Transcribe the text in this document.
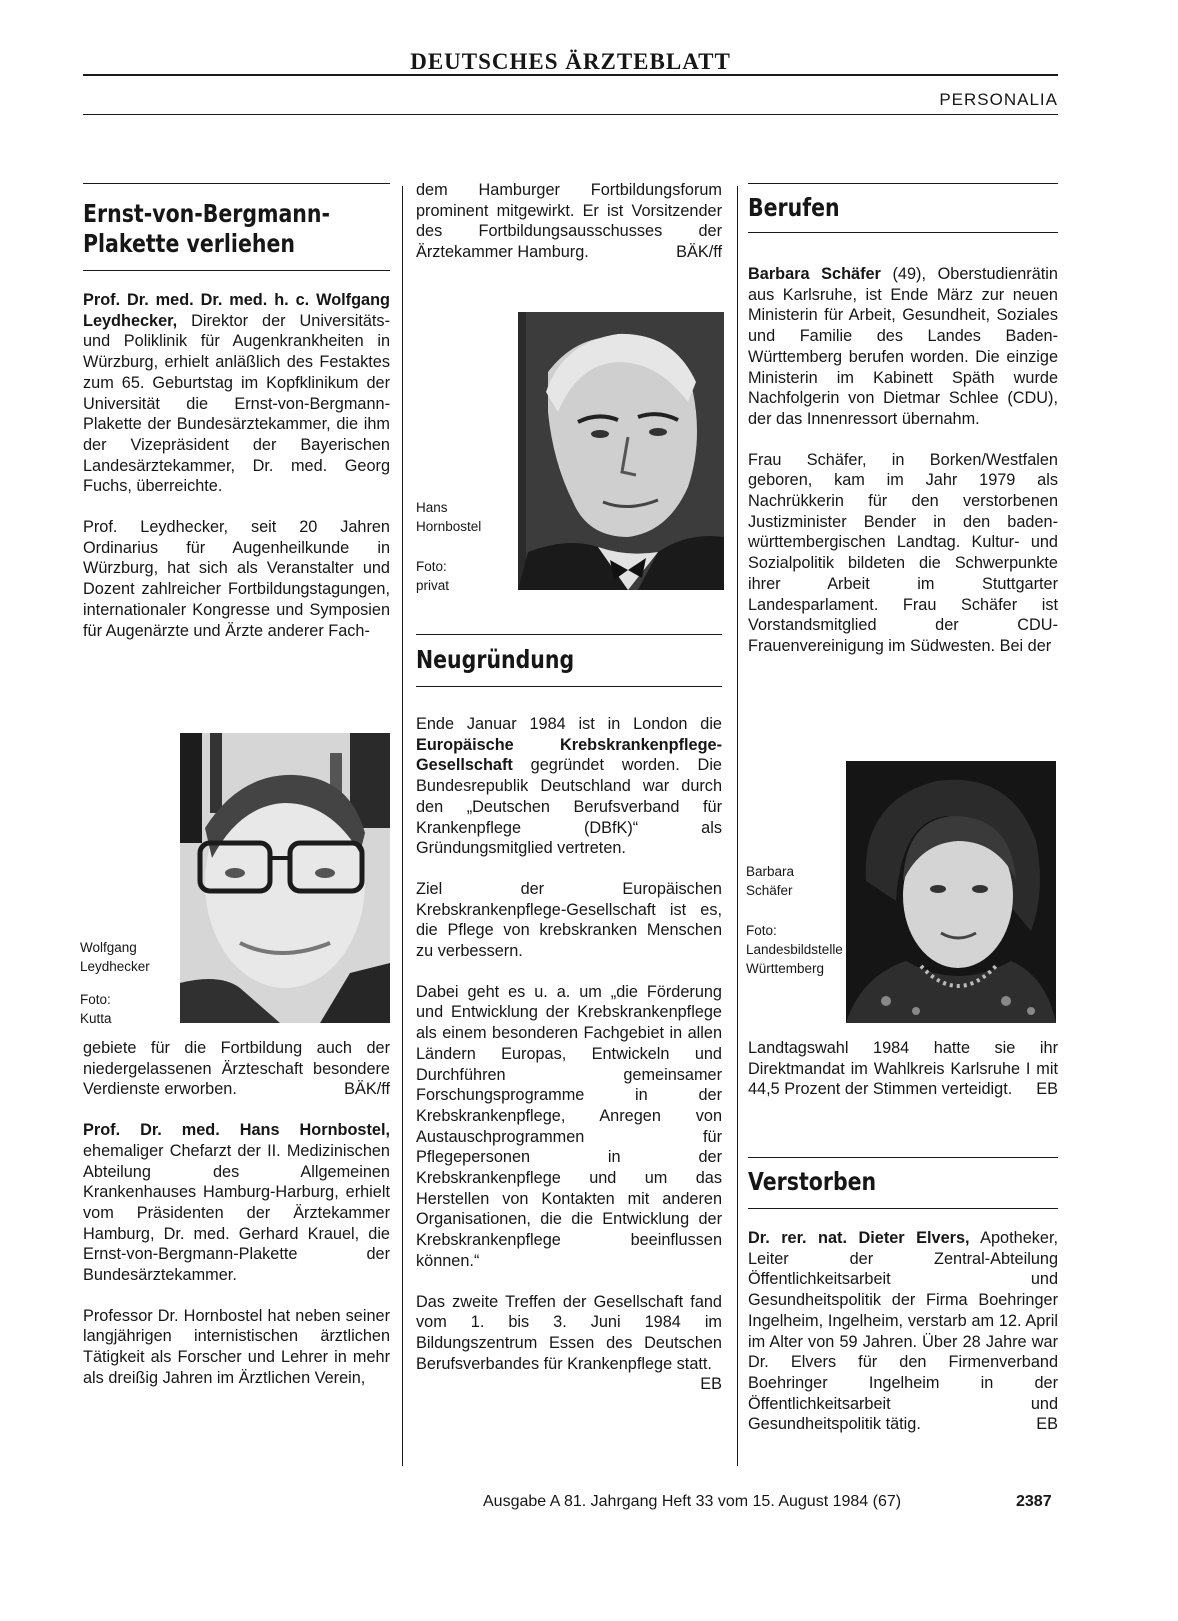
DEUTSCHES ÄRZTEBLATT
PERSONALIA
Ernst-von-Bergmann-
Plakette verliehen

Prof. Dr. med. Dr. med. h. c. Wolfgang Leydhecker, Direktor der Universitäts- und Poliklinik für Augenkrankheiten in Würzburg, erhielt anläßlich des Festaktes zum 65. Geburtstag im Kopfklinikum der Universität die Ernst-von-Bergmann-Plakette der Bundesärztekammer, die ihm der Vizepräsident der Bayerischen Landesärztekammer, Dr. med. Georg Fuchs, überreichte.

Prof. Leydhecker, seit 20 Jahren Ordinarius für Augenheilkunde in Würzburg, hat sich als Veranstalter und Dozent zahlreicher Fortbildungstagungen, internationaler Kongresse und Symposien für Augenärzte und Ärzte anderer Fach-

Wolfgang Leydhecker
Foto: Kutta

gebiete für die Fortbildung auch der niedergelassenen Ärzteschaft besondere Verdienste erworben.	BÄK/ff

Prof. Dr. med. Hans Hornbostel, ehemaliger Chefarzt der II. Medizinischen Abteilung des Allgemeinen Krankenhauses Hamburg-Harburg, erhielt vom Präsidenten der Ärztekammer Hamburg, Dr. med. Gerhard Krauel, die Ernst-von-Bergmann-Plakette der Bundesärztekammer.

Professor Dr. Hornbostel hat neben seiner langjährigen internistischen ärztlichen Tätigkeit als Forscher und Lehrer in mehr als dreißig Jahren im Ärztlichen Verein,

dem Hamburger Fortbildungsforum prominent mitgewirkt. Er ist Vorsitzender des Fortbildungsausschusses der Ärztekammer Hamburg.	BÄK/ff

Hans Hornbostel
Foto: privat
Neugründung

Ende Januar 1984 ist in London die Europäische Krebskrankenpflege-Gesellschaft gegründet worden. Die Bundesrepublik Deutschland war durch den „Deutschen Berufsverband für Krankenpflege (DBfK)“ als Gründungsmitglied vertreten.

Ziel der Europäischen Krebskrankenpflege-Gesellschaft ist es, die Pflege von krebskranken Menschen zu verbessern.

Dabei geht es u. a. um „die Förderung und Entwicklung der Krebskrankenpflege als einem besonderen Fachgebiet in allen Ländern Europas, Entwickeln und Durchführen gemeinsamer Forschungsprogramme in der Krebskrankenpflege, Anregen von Austauschprogrammen für Pflegepersonen in der Krebskrankenpflege und um das Herstellen von Kontakten mit anderen Organisationen, die die Entwicklung der Krebskrankenpflege beeinflussen können.“

Das zweite Treffen der Gesellschaft fand vom 1. bis 3. Juni 1984 im Bildungszentrum Essen des Deutschen Berufsverbandes für Krankenpflege statt.
EB

Berufen

Barbara Schäfer (49), Oberstudienrätin aus Karlsruhe, ist Ende März zur neuen Ministerin für Arbeit, Gesundheit, Soziales und Familie des Landes Baden-Württemberg berufen worden. Die einzige Ministerin im Kabinett Späth wurde Nachfolgerin von Dietmar Schlee (CDU), der das Innenressort übernahm.

Frau Schäfer, in Borken/Westfalen geboren, kam im Jahr 1979 als Nachrükkerin für den verstorbenen Justizminister Bender in den baden-württembergischen Landtag. Kultur- und Sozialpolitik bildeten die Schwerpunkte ihrer Arbeit im Stuttgarter Landesparlament. Frau Schäfer ist Vorstandsmitglied der CDU-Frauenvereinigung im Südwesten. Bei der

Barbara Schäfer
Foto: Landesbildstelle Württemberg

Landtagswahl 1984 hatte sie ihr Direktmandat im Wahlkreis Karlsruhe I mit 44,5 Prozent der Stimmen verteidigt. EB

Verstorben

Dr. rer. nat. Dieter Elvers, Apotheker, Leiter der Zentral-Abteilung Öffentlichkeitsarbeit und Gesundheitspolitik der Firma Boehringer Ingelheim, Ingelheim, verstarb am 12. April im Alter von 59 Jahren. Über 28 Jahre war Dr. Elvers für den Firmenverband Boehringer Ingelheim in der Öffentlichkeitsarbeit und Gesundheitspolitik tätig.	EB

Ausgabe A 81. Jahrgang Heft 33 vom 15. August 1984 (67)	2387
